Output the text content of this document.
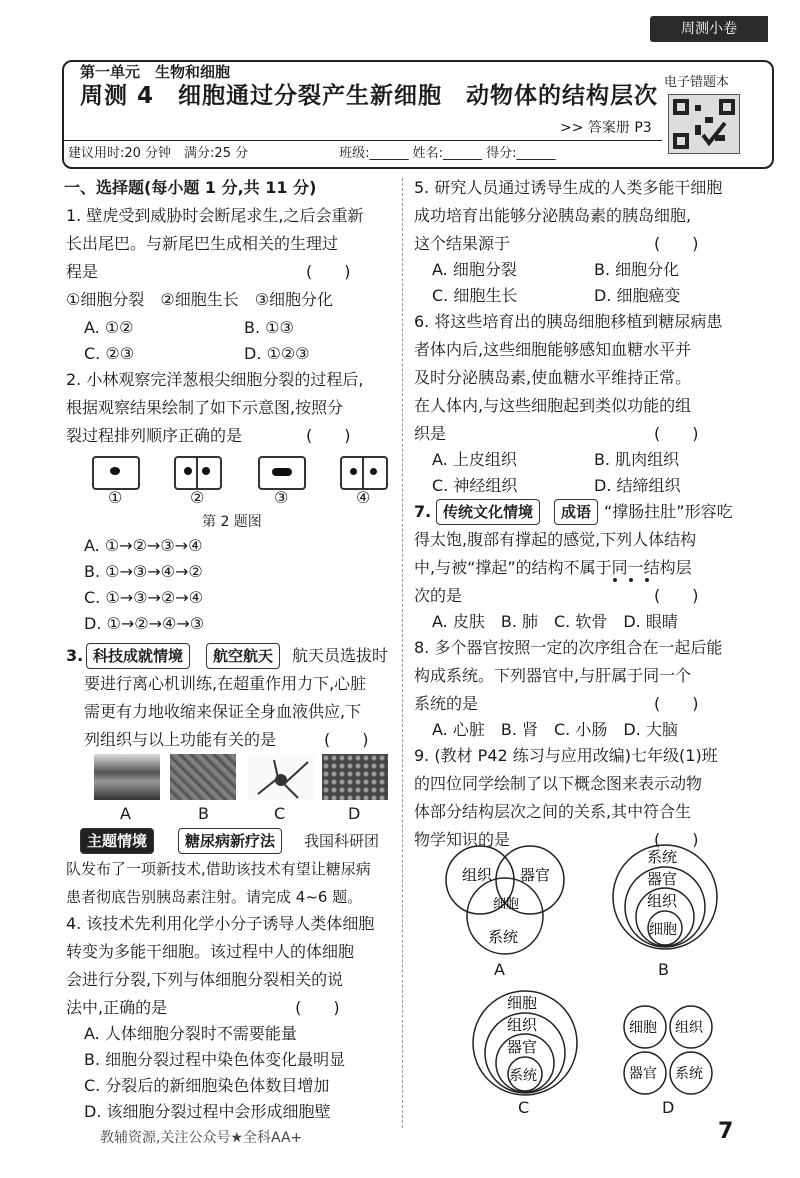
周测小卷
第一单元　生物和细胞
周测 4　细胞通过分裂产生新细胞　动物体的结构层次
>> 答案册 P3
建议用时:20 分钟　满分:25 分　　　　　　　班级:______ 姓名:______ 得分:______
电子错题本
一、选择题(每小题 1 分,共 11 分)
1. 壁虎受到威胁时会断尾求生,之后会重新
长出尾巴。与新尾巴生成相关的生理过
程是　　　　　　　　　　　　　(　　)
①细胞分裂　②细胞生长　③细胞分化
A. ①②	B. ①③
C. ②③	D. ①②③
2. 小林观察完洋葱根尖细胞分裂的过程后,
根据观察结果绘制了如下示意图,按照分
裂过程排列顺序正确的是　　　　(　　)
①	②	③	④
第 2 题图
A. ①→②→③→④
B. ①→③→④→②
C. ①→③→②→④
D. ①→②→④→③
3. 科技成就情境	航空航天	航天员选拔时
要进行离心机训练,在超重作用力下,心脏
需更有力地收缩来保证全身血液供应,下
列组织与以上功能有关的是　　　(　　)
A	B	C	D
主题情境	糖尿病新疗法	我国科研团
队发布了一项新技术,借助该技术有望让糖尿病
患者彻底告别胰岛素注射。请完成 4~6 题。
4. 该技术先利用化学小分子诱导人类体细胞
转变为多能干细胞。该过程中人的体细胞
会进行分裂,下列与体细胞分裂相关的说
法中,正确的是　　　　　　　　(　　)
A. 人体细胞分裂时不需要能量
B. 细胞分裂过程中染色体变化最明显
C. 分裂后的新细胞染色体数目增加
D. 该细胞分裂过程中会形成细胞壁
5. 研究人员通过诱导生成的人类多能干细胞
成功培育出能够分泌胰岛素的胰岛细胞,
这个结果源于　　　　　　　　　(　　)
A. 细胞分裂	B. 细胞分化
C. 细胞生长	D. 细胞癌变
6. 将这些培育出的胰岛细胞移植到糖尿病患
者体内后,这些细胞能够感知血糖水平并
及时分泌胰岛素,使血糖水平维持正常。
在人体内,与这些细胞起到类似功能的组
织是　　　　　　　　　　　　　(　　)
A. 上皮组织	B. 肌肉组织
C. 神经组织	D. 结缔组织
7. 传统文化情境	成语 “撑肠拄肚”形容吃
得太饱,腹部有撑起的感觉,下列人体结构
中,与被“撑起”的结构不属于同一结构层
次的是　　　　　　　　　　　　(　　)
A. 皮肤　B. 肺　C. 软骨　D. 眼睛
8. 多个器官按照一定的次序组合在一起后能
构成系统。下列器官中,与肝属于同一个
系统的是　　　　　　　　　　　(　　)
A. 心脏　B. 肾　C. 小肠　D. 大脑
9. (教材 P42 练习与应用改编)七年级(1)班
的四位同学绘制了以下概念图来表示动物
体部分结构层次之间的关系,其中符合生
物学知识的是　　　　　　　　　(　　)
组织 器官
细胞
系统
A
系统
器官
组织
细胞
B
细胞
组织
器官
系统
C
细胞 组织
器官 系统
D
教辅资源,关注公众号★全科AA+	7
